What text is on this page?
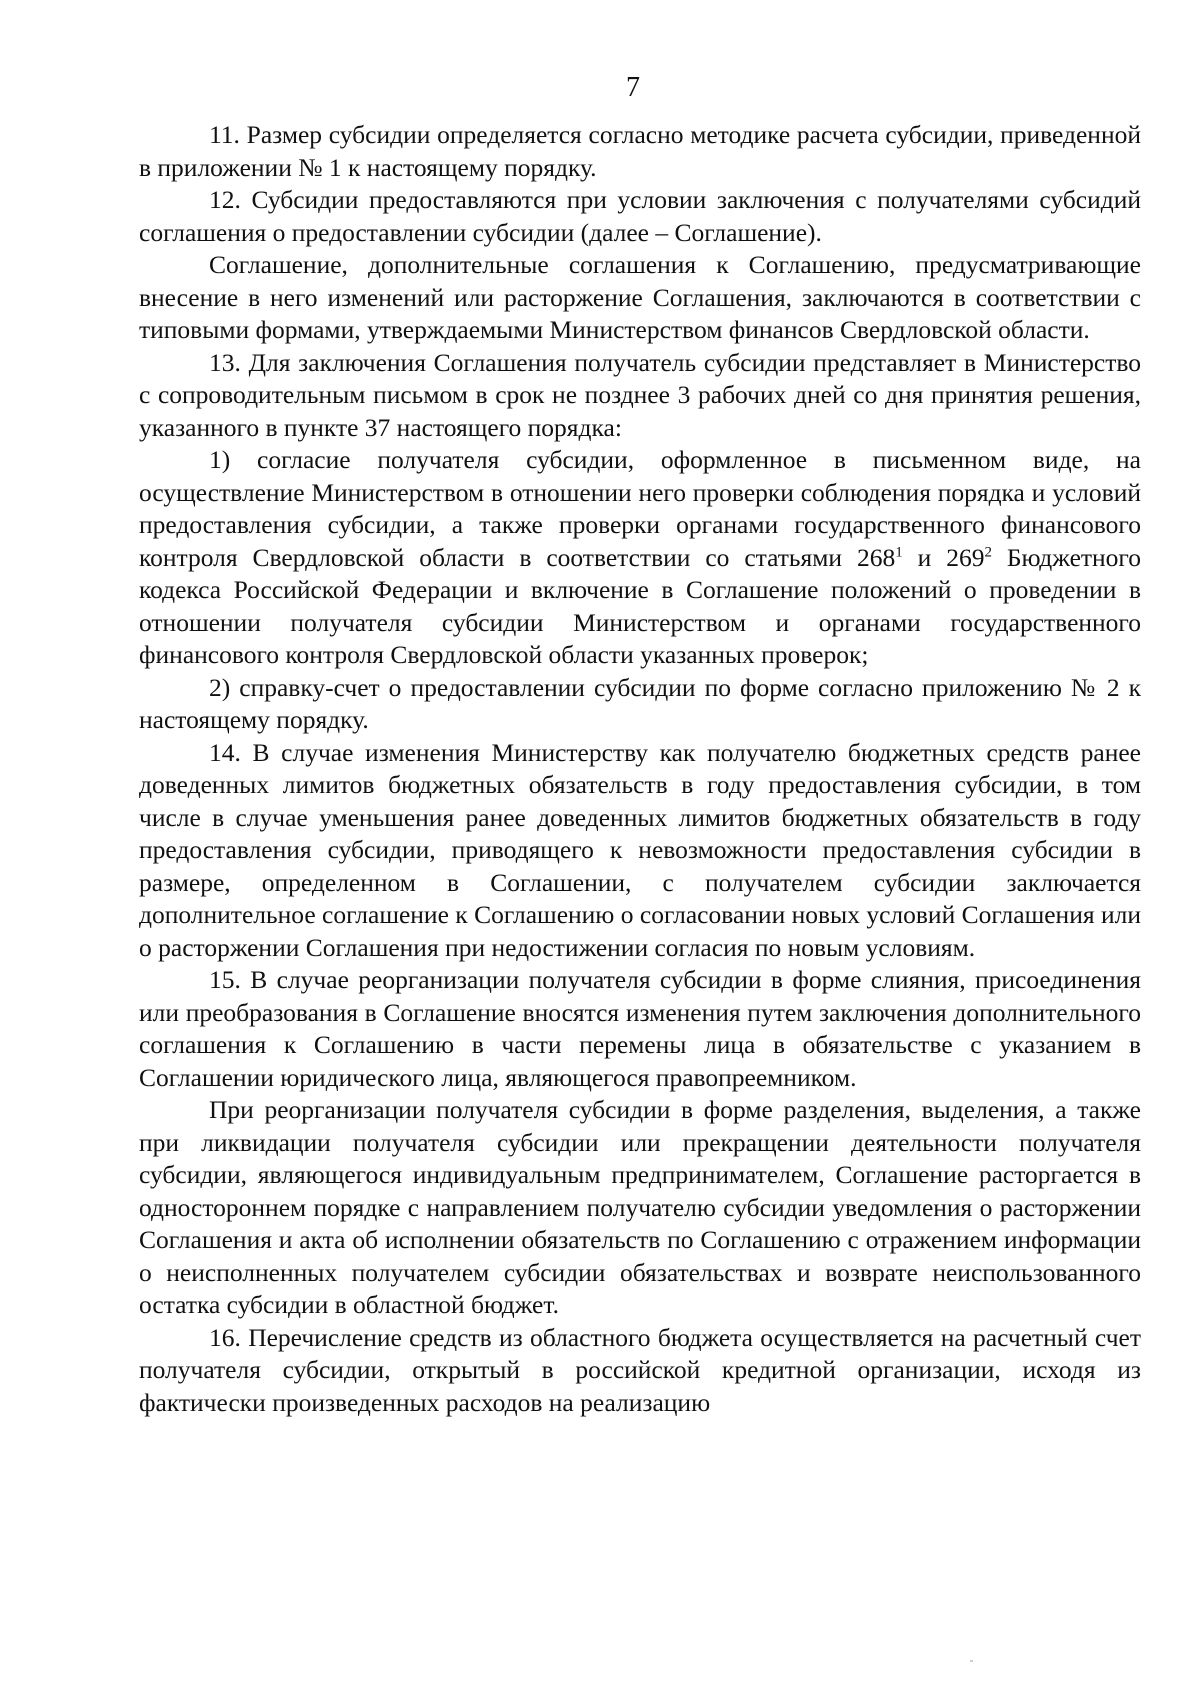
7

11. Размер субсидии определяется согласно методике расчета субсидии, приведенной в приложении № 1 к настоящему порядку.

12. Субсидии предоставляются при условии заключения с получателями субсидий соглашения о предоставлении субсидии (далее – Соглашение).

Соглашение, дополнительные соглашения к Соглашению, предусматривающие внесение в него изменений или расторжение Соглашения, заключаются в соответствии с типовыми формами, утверждаемыми Министерством финансов Свердловской области.

13. Для заключения Соглашения получатель субсидии представляет в Министерство с сопроводительным письмом в срок не позднее 3 рабочих дней со дня принятия решения, указанного в пункте 37 настоящего порядка:

1) согласие получателя субсидии, оформленное в письменном виде, на осуществление Министерством в отношении него проверки соблюдения порядка и условий предоставления субсидии, а также проверки органами государственного финансового контроля Свердловской области в соответствии со статьями $268^1$ и $269^2$ Бюджетного кодекса Российской Федерации и включение в Соглашение положений о проведении в отношении получателя субсидии Министерством и органами государственного финансового контроля Свердловской области указанных проверок;

2) справку-счет о предоставлении субсидии по форме согласно приложению № 2 к настоящему порядку.

14. В случае изменения Министерству как получателю бюджетных средств ранее доведенных лимитов бюджетных обязательств в году предоставления субсидии, в том числе в случае уменьшения ранее доведенных лимитов бюджетных обязательств в году предоставления субсидии, приводящего к невозможности предоставления субсидии в размере, определенном в Соглашении, с получателем субсидии заключается дополнительное соглашение к Соглашению о согласовании новых условий Соглашения или о расторжении Соглашения при недостижении согласия по новым условиям.

15. В случае реорганизации получателя субсидии в форме слияния, присоединения или преобразования в Соглашение вносятся изменения путем заключения дополнительного соглашения к Соглашению в части перемены лица в обязательстве с указанием в Соглашении юридического лица, являющегося правопреемником.

При реорганизации получателя субсидии в форме разделения, выделения, а также при ликвидации получателя субсидии или прекращении деятельности получателя субсидии, являющегося индивидуальным предпринимателем, Соглашение расторгается в одностороннем порядке с направлением получателю субсидии уведомления о расторжении Соглашения и акта об исполнении обязательств по Соглашению с отражением информации о неисполненных получателем субсидии обязательствах и возврате неиспользованного остатка субсидии в областной бюджет.

16. Перечисление средств из областного бюджета осуществляется на расчетный счет получателя субсидии, открытый в российской кредитной организации, исходя из фактически произведенных расходов на реализацию
